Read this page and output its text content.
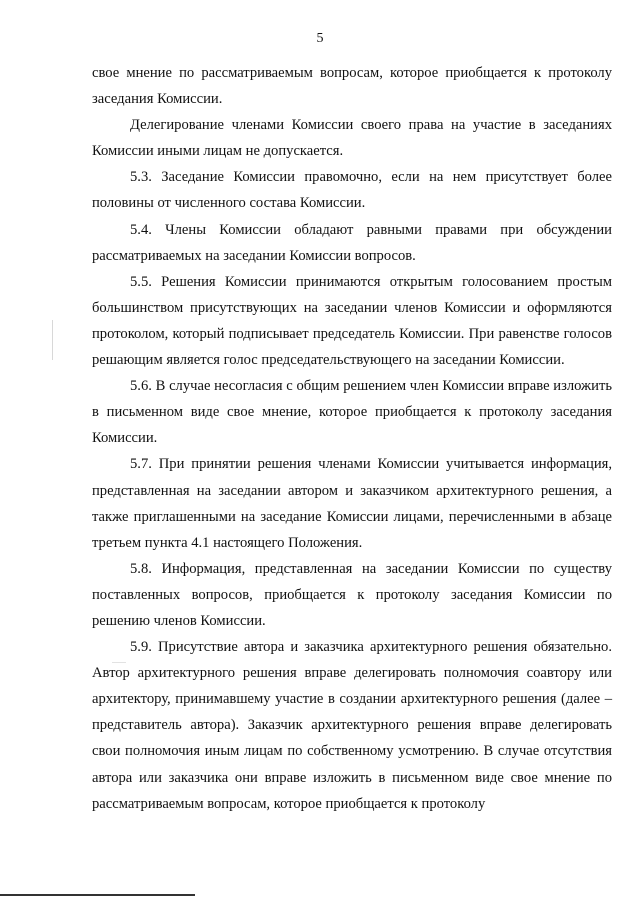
5

свое мнение по рассматриваемым вопросам, которое приобщается к протоколу заседания Комиссии.

Делегирование членами Комиссии своего права на участие в заседаниях Комиссии иными лицам не допускается.

5.3. Заседание Комиссии правомочно, если на нем присутствует более половины от численного состава Комиссии.

5.4. Члены Комиссии обладают равными правами при обсуждении рассматриваемых на заседании Комиссии вопросов.

5.5. Решения Комиссии принимаются открытым голосованием простым большинством присутствующих на заседании членов Комиссии и оформляются протоколом, который подписывает председатель Комиссии. При равенстве голосов решающим является голос председательствующего на заседании Комиссии.

5.6. В случае несогласия с общим решением член Комиссии вправе изложить в письменном виде свое мнение, которое приобщается к протоколу заседания Комиссии.

5.7. При принятии решения членами Комиссии учитывается информация, представленная на заседании автором и заказчиком архитектурного решения, а также приглашенными на заседание Комиссии лицами, перечисленными в абзаце третьем пункта 4.1 настоящего Положения.

5.8. Информация, представленная на заседании Комиссии по существу поставленных вопросов, приобщается к протоколу заседания Комиссии по решению членов Комиссии.

5.9. Присутствие автора и заказчика архитектурного решения обязательно. Автор архитектурного решения вправе делегировать полномочия соавтору или архитектору, принимавшему участие в создании архитектурного решения (далее – представитель автора). Заказчик архитектурного решения вправе делегировать свои полномочия иным лицам по собственному усмотрению. В случае отсутствия автора или заказчика они вправе изложить в письменном виде свое мнение по рассматриваемым вопросам, которое приобщается к протоколу
